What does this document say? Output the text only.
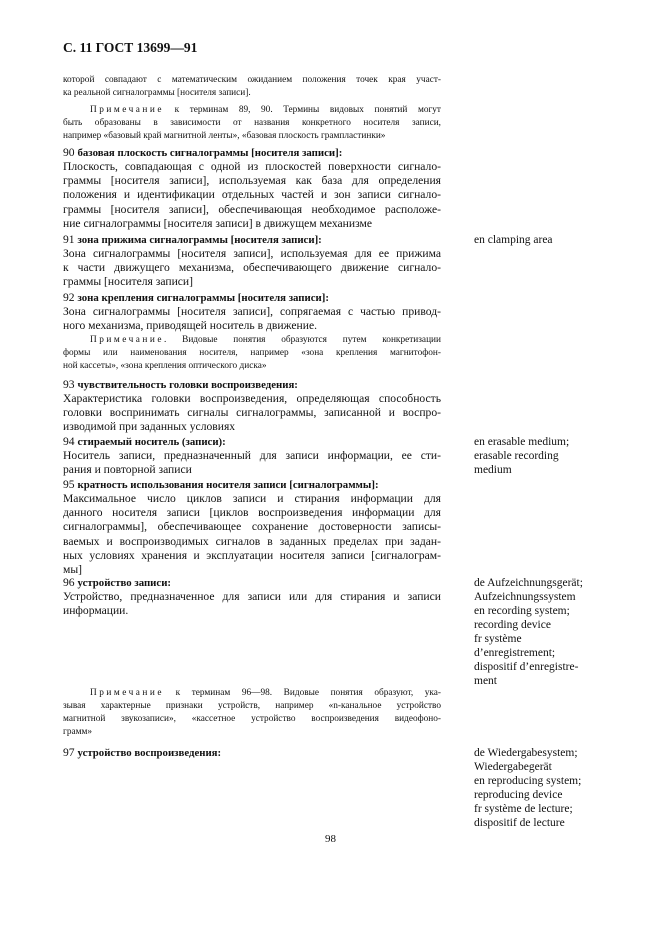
С. 11 ГОСТ 13699—91
которой совпадают с математическим ожиданием положения точек края участ-
ка реальной сигналограммы [носителя записи].
Примечание к терминам 89, 90. Термины видовых понятий могут
быть образованы в зависимости от названия конкретного носителя записи,
например «базовый край магнитной ленты», «базовая плоскость грампластинки»
90 базовая плоскость сигналограммы [носителя записи]:
Плоскость, совпадающая с одной из плоскостей поверхности сигнало-
граммы [носителя записи], используемая как база для определения
положения и идентификации отдельных частей и зон записи сигнало-
граммы [носителя записи], обеспечивающая необходимое расположе-
ние сигналограммы [носителя записи] в движущем механизме
91 зона прижима сигналограммы [носителя записи]:
Зона сигналограммы [носителя записи], используемая для ее прижима
к части движущего механизма, обеспечивающего движение сигнало-
граммы [носителя записи]
92 зона крепления сигналограммы [носителя записи]:
Зона сигналограммы [носителя записи], сопрягаемая с частью привод-
ного механизма, приводящей носитель в движение.
Примечание. Видовые понятия образуются путем конкретизации
формы или наименования носителя, например «зона крепления магнитофон-
ной кассеты», «зона крепления оптического диска»
93 чувствительность головки воспроизведения:
Характеристика головки воспроизведения, определяющая способность
головки воспринимать сигналы сигналограммы, записанной и воспро-
изводимой при заданных условиях
94 стираемый носитель (записи):
Носитель записи, предназначенный для записи информации, ее сти-
рания и повторной записи
95 кратность использования носителя записи [сигналограммы]:
Максимальное число циклов записи и стирания информации для
данного носителя записи [циклов воспроизведения информации для
сигналограммы], обеспечивающее сохранение достоверности записы-
ваемых и воспроизводимых сигналов в заданных пределах при задан-
ных условиях хранения и эксплуатации носителя записи [сигналограм-
мы]
96 устройство записи:
Устройство, предназначенное для записи или для стирания и записи
информации.
Примечание к терминам 96—98. Видовые понятия образуют, ука-
зывая характерные признаки устройств, например «n-канальное устройство
магнитной звукозаписи», «кассетное устройство воспроизведения видеофоно-
грамм»
97 устройство воспроизведения:
en clamping area
en erasable medium;
erasable recording
medium
de Aufzeichnungsgerät;
Aufzeichnungssystem
en recording system;
recording device
fr système
d’enregistrement;
dispositif d’enregistre-
ment
de Wiedergabesystem;
Wiedergabegerät
en reproducing system;
reproducing device
fr système de lecture;
dispositif de lecture
98
